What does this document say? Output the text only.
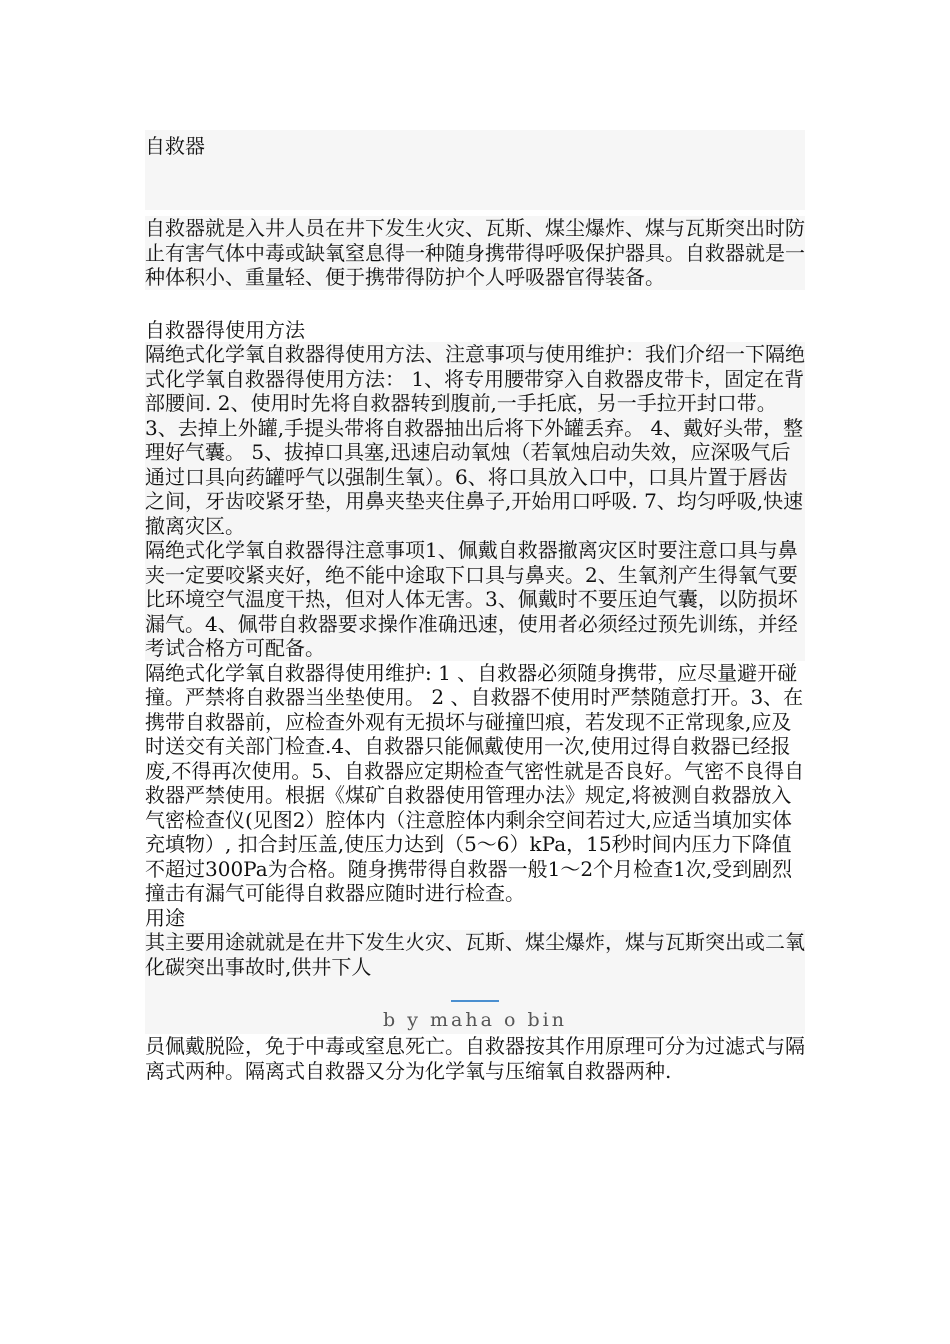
自救器

自救器就是入井人员在井下发生火灾、瓦斯、煤尘爆炸、煤与瓦斯突出时防止有害气体中毒或缺氧窒息得一种随身携带得呼吸保护器具。自救器就是一种体积小、重量轻、便于携带得防护个人呼吸器官得装备。

自救器得使用方法

隔绝式化学氧自救器得使用方法、注意事项与使用维护：我们介绍一下隔绝式化学氧自救器得使用方法： 1、将专用腰带穿入自救器皮带卡，固定在背部腰间. 2、使用时先将自救器转到腹前,一手托底，另一手拉开封口带。 3、去掉上外罐,手提头带将自救器抽出后将下外罐丢弃。 4、戴好头带，整理好气囊。 5、拔掉口具塞,迅速启动氧烛（若氧烛启动失效，应深吸气后通过口具向药罐呼气以强制生氧）。6、将口具放入口中，口具片置于唇齿之间，牙齿咬紧牙垫，用鼻夹垫夹住鼻子,开始用口呼吸. 7、均匀呼吸,快速撤离灾区。

隔绝式化学氧自救器得注意事项1、佩戴自救器撤离灾区时要注意口具与鼻夹一定要咬紧夹好，绝不能中途取下口具与鼻夹。2、生氧剂产生得氧气要比环境空气温度干热，但对人体无害。3、佩戴时不要压迫气囊，以防损坏漏气。4、佩带自救器要求操作准确迅速，使用者必须经过预先训练，并经考试合格方可配备。

隔绝式化学氧自救器得使用维护: 1 、自救器必须随身携带，应尽量避开碰撞。严禁将自救器当坐垫使用。 2 、自救器不使用时严禁随意打开。3、在携带自救器前，应检查外观有无损坏与碰撞凹痕，若发现不正常现象,应及时送交有关部门检查.4、自救器只能佩戴使用一次,使用过得自救器已经报废,不得再次使用。5、自救器应定期检查气密性就是否良好。气密不良得自救器严禁使用。根据《煤矿自救器使用管理办法》规定,将被测自救器放入气密检查仪(见图2）腔体内（注意腔体内剩余空间若过大,应适当填加实体充填物）, 扣合封压盖,使压力达到（5～6）kPa，15秒时间内压力下降值不超过300Pa为合格。随身携带得自救器一般1～2个月检查1次,受到剧烈撞击有漏气可能得自救器应随时进行检查。

用途

其主要用途就就是在井下发生火灾、瓦斯、煤尘爆炸，煤与瓦斯突出或二氧化碳突出事故时,供井下人

b y maha o bin

员佩戴脱险，免于中毒或窒息死亡。自救器按其作用原理可分为过滤式与隔离式两种。隔离式自救器又分为化学氧与压缩氧自救器两种.
